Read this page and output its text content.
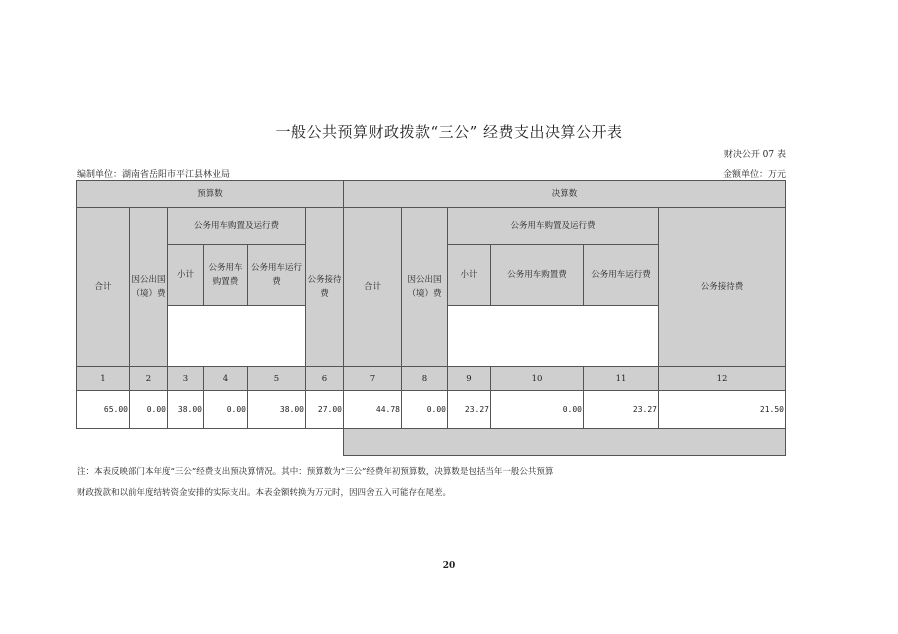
一般公共预算财政拨款“三公” 经费支出决算公开表
财决公开 07 表
编制单位：湖南省岳阳市平江县林业局	金额单位：万元
预算数						决算数					
合计	因公出国（境）费	公务用车购置及运行费			公务接待费	合计	因公出国（境）费	公务用车购置及运行费			公务接待费
		小计	公务用车购置费	公务用车运行费				小计	公务用车购置费	公务用车运行费	

1	2	3	4	5	6	7	8	9	10	11	12
65.00	0.00	38.00	0.00	38.00	27.00	44.78	0.00	23.27	0.00	23.27	21.50

注：本表反映部门本年度“三公”经费支出预决算情况。其中：预算数为“三公”经费年初预算数，决算数是包括当年一般公共预算
财政拨款和以前年度结转资金安排的实际支出。本表金额转换为万元时，因四舍五入可能存在尾差。
20
